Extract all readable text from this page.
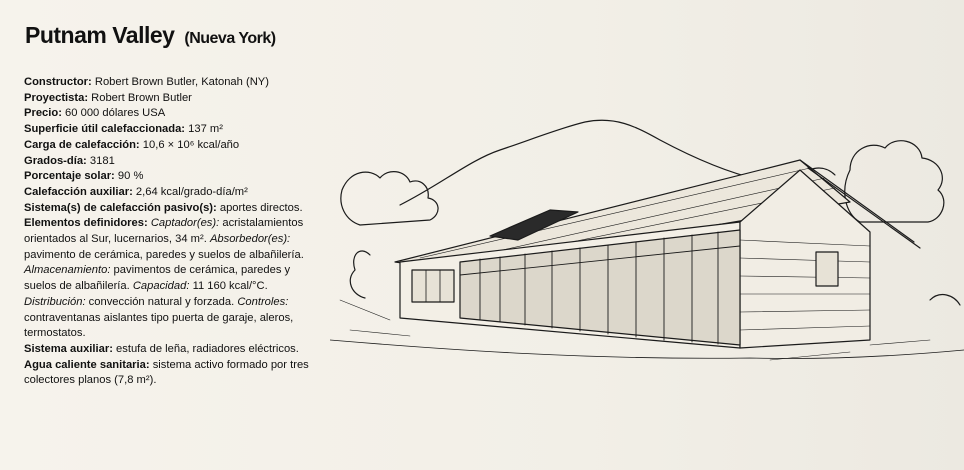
Putnam Valley (Nueva York)

Constructor: Robert Brown Butler, Katonah (NY)

Proyectista: Robert Brown Butler

Precio: 60 000 dólares USA

Superficie útil calefaccionada: 137 m²

Carga de calefacción: 10,6 × 10⁶ kcal/año

Grados-día: 3181

Porcentaje solar: 90 %

Calefacción auxiliar: 2,64 kcal/grado-día/m²

Sistema(s) de calefacción pasivo(s): aportes directos.

Elementos definidores: Captador(es): acristalamientos orientados al Sur, lucernarios, 34 m². Absorbedor(es): pavimento de cerámica, paredes y suelos de albañilería. Almacenamiento: pavimentos de cerámica, paredes y suelos de albañilería. Capacidad: 11 160 kcal/°C. Distribución: convección natural y forzada. Controles: contraventanas aislantes tipo puerta de garaje, aleros, termostatos.

Sistema auxiliar: estufa de leña, radiadores eléctricos.

Agua caliente sanitaria: sistema activo formado por tres colectores planos (7,8 m²).
